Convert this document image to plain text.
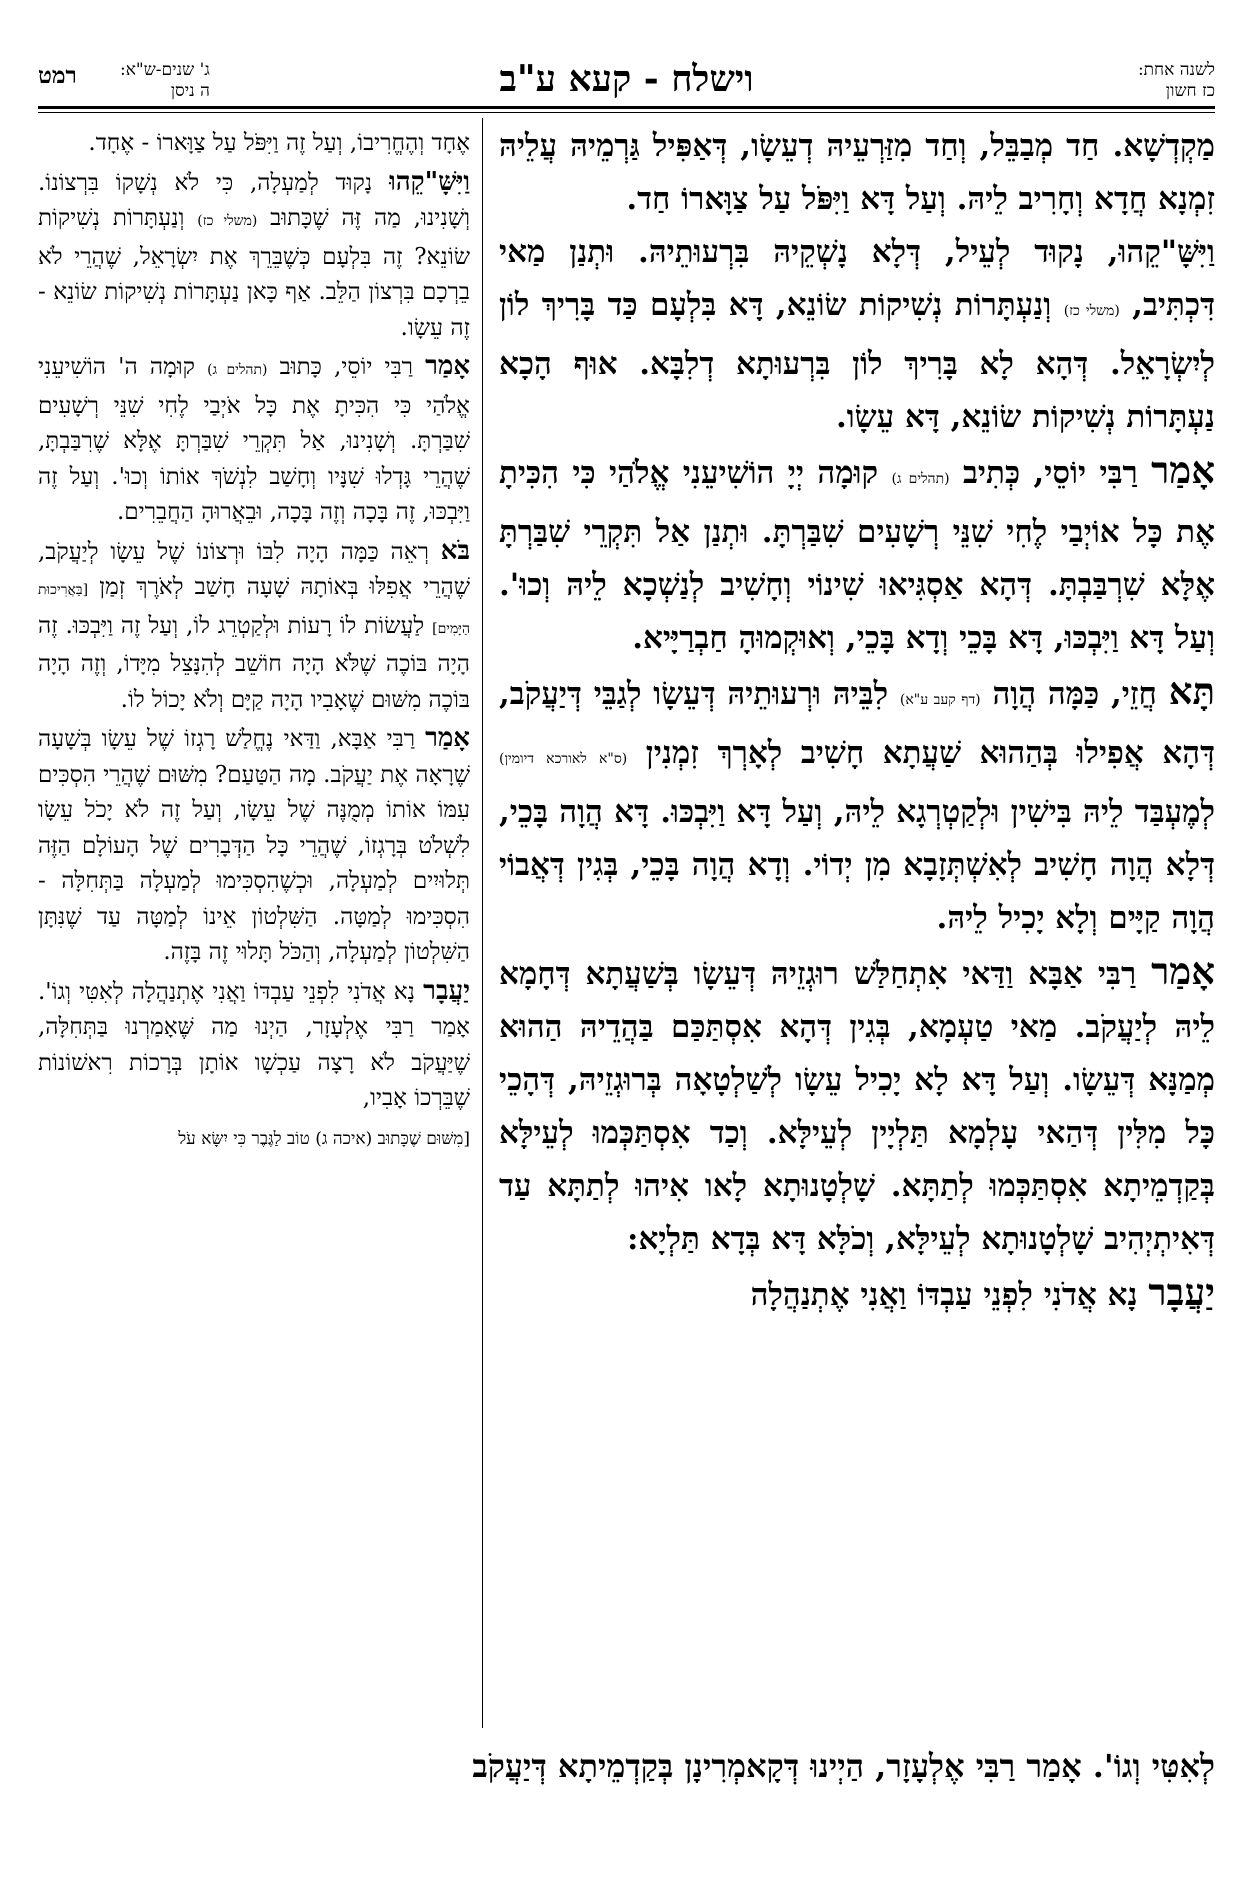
לשנה אחת:
כז חשון
וישלח - קעא ע"ב
ג' שנים-ש"א:
ה ניסן
רמט

מַקְדְשָׁא. חַד מְבַבֵּל, וְחַד מִזַּרְעֵיהּ דְעֵשָׂו, דְּאַפִּיל גַּרְמֵיהּ עֲלֵיהּ זִמְנָא חֲדָא וְחָרִיב לֵיהּ. וְעַל דָּא וַיִּפֹּל עַל צַוָּארוֹ חַד.

וַיִּשָּׁ"קֵהוּ, נָקוּד לְעֵיל, דְּלָא נָשְׁקֵיהּ בִּרְעוּתֵיהּ. וּתְנַן מַאי דִּכְתִּיב, (משלי כז) וְנַעְתָּרוֹת נְשִׁיקוֹת שׂוֹנֵא, דָּא בִּלְעָם כַּד בָּרִיךְ לוֹן לְיִשְׂרָאֵל. דְּהָא לָא בָּרִיךְ לוֹן בִּרְעוּתָא דְלִבָּא. אוּף הָכָא נַעְתָּרוֹת נְשִׁיקוֹת שׂוֹנֵא, דָּא עֵשָׂו.

אָמַר רַבִּי יוֹסֵי, כְּתִיב (תהלים ג) קוּמָה יְיָ הוֹשִׁיעֵנִי אֱלֹהַי כִּי הִכִּיתָ אֶת כָּל אוֹיְבַי לֶחִי שִׁנֵּי רְשָׁעִים שִׁבַּרְתָּ. וּתְנַן אַל תִּקְרֵי שִׁבַּרְתָּ אֶלָּא שִׁרְבַּבְתָּ. דְּהָא אַסְגִּיאוּ שִׁינוֹי וְחָשִׁיב לְנַשְׁכָא לֵיהּ וְכוּ'. וְעַל דָּא וַיִּבְכּוּ, דָּא בָּכֵי וְדָא בָּכֵי, וְאוּקְמוּהָ חַבְרַיָּיא.

תָּא חֲזֵי, כַּמָּה הֲוָה (דף קעב ע"א) לִבֵּיהּ וּרְעוּתֵיהּ דְּעֵשָׂו לְגַבֵּי דְּיַעֲקֹב, דְּהָא אֲפִילוּ בְּהַהוּא שַׁעֲתָא חָשִׁיב לְאָרְךְ זִמְנִין (ס"א לאורכא דיומין) לְמֶעְבַּד לֵיהּ בִּישִׁין וּלְקַטְרְגָא לֵיהּ, וְעַל דָּא וַיִּבְכּוּ. דָּא הֲוָה בָּכֵי, דְּלָא הֲוָה חָשִׁיב לְאִשְׁתְּזָבָא מִן יְדוֹי. וְדָא הֲוָה בָּכֵי, בְּגִין דְּאֲבוֹי הֲוָה קַיָּים וְלָא יָכִיל לֵיהּ.

אָמַר רַבִּי אַבָּא וַדַּאי אִתְחַלַּשׁ רוּגְזֵיהּ דְּעֵשָׂו בְּשַׁעֲתָא דְּחָמָא לֵיהּ לְיַעֲקֹב. מַאי טַעְמָא, בְּגִין דְּהָא אִסְתַּכַּם בַּהֲדֵיהּ הַהוּא מְמַנָּא דְּעֵשָׂו. וְעַל דָּא לָא יָכִיל עֵשָׂו לְשַׁלְטָאָה בְּרוּגְזֵיהּ, דְּהָכֵי כָּל מִלִּין דְּהַאי עָלְמָא תַּלְיָין לְעֵילָּא. וְכַד אִסְתַּכְּמוּ לְעֵילָּא בְּקַדְמֵיתָא אִסְתַּכְּמוּ לְתַתָּא. שָׁלְטָנוּתָא לָאו אִיהוּ לְתַתָּא עַד דְּאִיתְיְהִיב שָׁלְטָנוּתָא לְעֵילָּא, וְכֹלָּא דָּא בְּדָא תַּלְיָא:

יַעֲבָר נָא אֲדֹנִי לִפְנֵי עַבְדּוֹ וַאֲנִי אֶתְנַהֲלָה

אֶחָד וְהֶחֱרִיבוֹ, וְעַל זֶה וַיִּפֹּל עַל צַוָּארוֹ - אֶחָד.

וַיִּשָּׁ"קֵהוּ נָקוּד לְמַעְלָה, כִּי לֹא נְשָׁקוֹ בִּרְצוֹנוֹ. וְשָׁנִינוּ, מַה זֶּה שֶׁכָּתוּב (משלי כז) וְנַעְתָּרוֹת נְשִׁיקוֹת שׂוֹנֵא? זֶה בִּלְעָם כְּשֶׁבֵּרֵךְ אֶת יִשְׂרָאֵל, שֶׁהֲרֵי לֹא בֵרְכָם בִּרְצוֹן הַלֵּב. אַף כָּאן נַעְתָּרוֹת נְשִׁיקוֹת שׂוֹנֵא - זֶה עֵשָׂו.

אָמַר רַבִּי יוֹסֵי, כָּתוּב (תהלים ג) קוּמָה ה' הוֹשִׁיעֵנִי אֱלֹהַי כִּי הִכִּיתָ אֶת כָּל אֹיְבַי לֶחִי שִׁנֵּי רְשָׁעִים שִׁבַּרְתָּ. וְשָׁנִינוּ, אַל תִּקְרֵי שִׁבַּרְתָּ אֶלָּא שֶׁרִבַּבְתָּ, שֶׁהֲרֵי גָּדְלוּ שִׁנָּיו וְחָשַׁב לִנְשֹׁךְ אוֹתוֹ וְכוּ'. וְעַל זֶה וַיִּבְכּוּ, זֶה בָּכָה וְזֶה בָּכָה, וּבֵאֲרוּהָ הַחֲבֵרִים.

בֹּא רְאֵה כַּמָּה הָיָה לִבּוֹ וּרְצוֹנוֹ שֶׁל עֵשָׂו לְיַעֲקֹב, שֶׁהֲרֵי אֲפִלּוּ בְּאוֹתָהּ שָׁעָה חָשַׁב לְאֹרֶךְ זְמַן [בַּאֲרִיכוּת הַיָּמִים] לַעֲשׂוֹת לוֹ רָעוֹת וּלְקַטְרֵג לוֹ, וְעַל זֶה וַיִּבְכּוּ. זֶה הָיָה בּוֹכֶה שֶׁלֹּא הָיָה חוֹשֵׁב לְהִנָּצֵל מִיָּדוֹ, וְזֶה הָיָה בּוֹכֶה מִשּׁוּם שֶׁאָבִיו הָיָה קַיָּם וְלֹא יָכוֹל לוֹ.

אָמַר רַבִּי אַבָּא, וַדַּאי נֶחֱלַשׁ רָגְזוֹ שֶׁל עֵשָׂו בְּשָׁעָה שֶׁרָאָה אֶת יַעֲקֹב. מָה הַטַּעַם? מִשּׁוּם שֶׁהֲרֵי הִסְכִּים עִמּוֹ אוֹתוֹ מְמֻנֶּה שֶׁל עֵשָׂו, וְעַל זֶה לֹא יָכֹל עֵשָׂו לִשְׁלֹט בְּרָגְזוֹ, שֶׁהֲרֵי כָּל הַדְּבָרִים שֶׁל הָעוֹלָם הַזֶּה תְּלוּיִים לְמַעְלָה, וּכְשֶׁהִסְכִּימוּ לְמַעְלָה בַּתְּחִלָּה - הִסְכִּימוּ לְמַטָּה. הַשִּׁלְטוֹן אֵינוֹ לְמַטָּה עַד שֶׁנִּתָּן הַשִּׁלְטוֹן לְמַעְלָה, וְהַכֹּל תָּלוּי זֶה בָּזֶה.

יַעֲבָר נָא אֲדֹנִי לִפְנֵי עַבְדּוֹ וַאֲנִי אֶתְנַהֲלָה לְאִטִּי וְגוֹ'. אָמַר רַבִּי אֶלְעָזָר, הַיְנוּ מַה שֶּׁאָמַרְנוּ בַּתְּחִלָּה, שֶׁיַּעֲקֹב לֹא רָצָה עַכְשָׁו אוֹתָן בְּרָכוֹת רִאשׁוֹנוֹת שֶׁבֵּרְכוֹ אָבִיו,

[מִשּׁוּם שֶׁכָּתוּב (איכה ג) טוֹב לַגֶּבֶר כִּי יִשָּׂא עֹל

לְאִטִּי וְגוֹ'. אָמַר רַבִּי אֶלְעָזָר, הַיְינוּ דְּקָאמְרִינָן בְּקַדְמֵיתָא דְּיַעֲקֹב
